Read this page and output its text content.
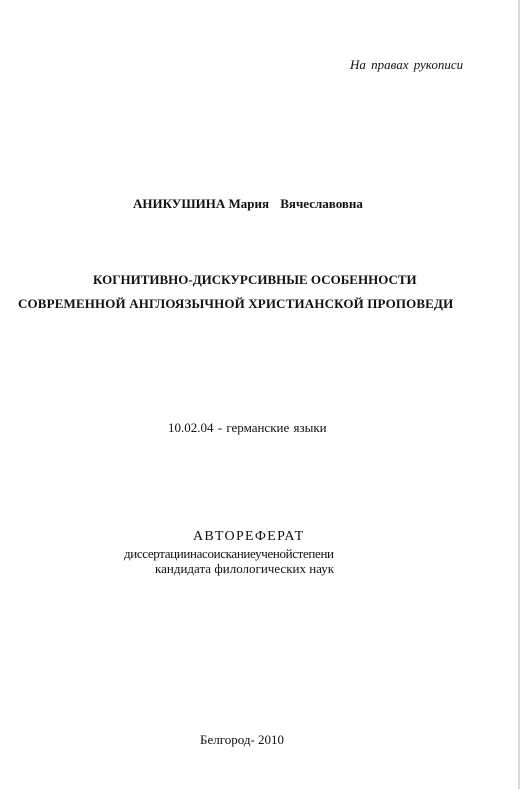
На правах рукописи
АНИКУШИНА Мария Вячеславовна
КОГНИТИВНО-ДИСКУРСИВНЫЕ ОСОБЕННОСТИ
СОВРЕМЕННОЙ АНГЛОЯЗЫЧНОЙ ХРИСТИАНСКОЙ ПРОПОВЕДИ
10.02.04 - германские языки
АВТОРЕФЕРАТ
диссертациинасоисканиеученойстепени
кандидата филологических наук
Белгород- 2010
